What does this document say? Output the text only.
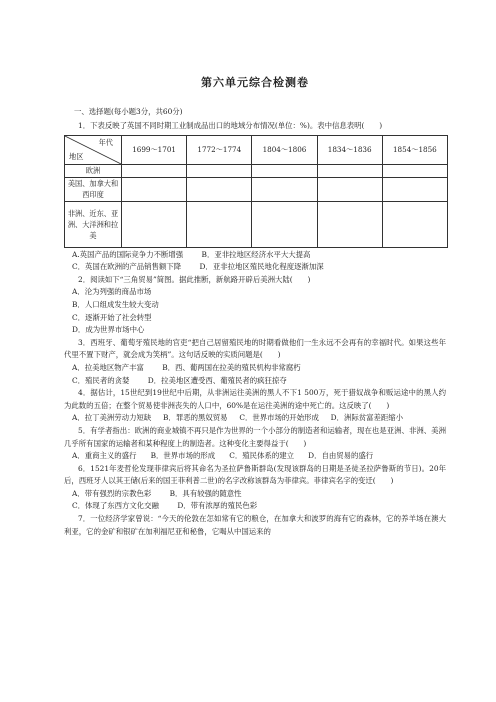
第六单元综合检测卷
一、选择题(每小题3分，共60分)

1．下表反映了英国不同时期工业制成品出口的地域分布情况(单位：%)。表中信息表明(　　)

年代
地区	1699～1701	1772～1774	1804～1806	1834～1836	1854～1856
欧洲					
美国、加拿大和西印度					
非洲、近东、亚洲、大洋洲和拉美					
A.英国产品的国际竞争力不断增强 B．亚非拉地区经济水平大大提高
C．英国在欧洲的产品销售额下降 D．亚非拉地区殖民地化程度逐渐加深

2．阅读如下“三角贸易”简图。据此推断，新航路开辟后美洲大陆(　　)

A．沦为列强的商品市场
B．人口组成发生较大变动
C．逐渐开始了社会转型
D．成为世界市场中心

3．西班牙、葡萄牙殖民地的官吏“把自己居留殖民地的时期看做他们一生永远不会再有的幸福时代。如果这些年代里不置下财产，就会成为笑柄”。这句话反映的实质问题是(　　)

A．拉美地区物产丰富 B．西、葡两国在拉美的殖民机构非常腐朽
C．殖民者的贪婪 D．拉美地区遭受西、葡殖民者的疯狂掠夺

4．据估计，15世纪到19世纪中后期，从非洲运往美洲的黑人不下1 500万，死于猎奴战争和贩运途中的黑人约为此数的五倍；在整个贸易使非洲丧失的人口中，60%是在运往美洲的途中死亡的。这反映了(　　)

A．拉丁美洲劳动力短缺 B．罪恶的黑奴贸易 C．世界市场的开始形成 D．洲际贫富差距缩小

5．有学者指出：欧洲的商业城镇不再只是作为世界的一个小部分的制造者和运输者，现在也是亚洲、非洲、美洲几乎所有国家的运输者和某种程度上的制造者。这种变化主要得益于(　　)

A．重商主义的盛行 B．世界市场的形成 C．殖民体系的建立 D．自由贸易的盛行

6．1521年麦哲伦发现菲律宾后将其命名为圣拉萨鲁斯群岛(发现该群岛的日期是圣徒圣拉萨鲁斯的节日)。20年后，西班牙人以其王储(后来的国王菲利普二世)的名字改称该群岛为菲律宾。菲律宾名字的变迁(　　)

A．带有强烈的宗教色彩 B．具有较强的随意性
C．体现了东西方文化交融 D．带有浓厚的殖民色彩

7．一位经济学家曾说：“今天的伦敦在怎如常有它的粮仓，在加拿大和波罗的海有它的森林，它的养羊场在澳大利亚，它的金矿和银矿在加利福尼亚和秘鲁，它喝从中国运来的
